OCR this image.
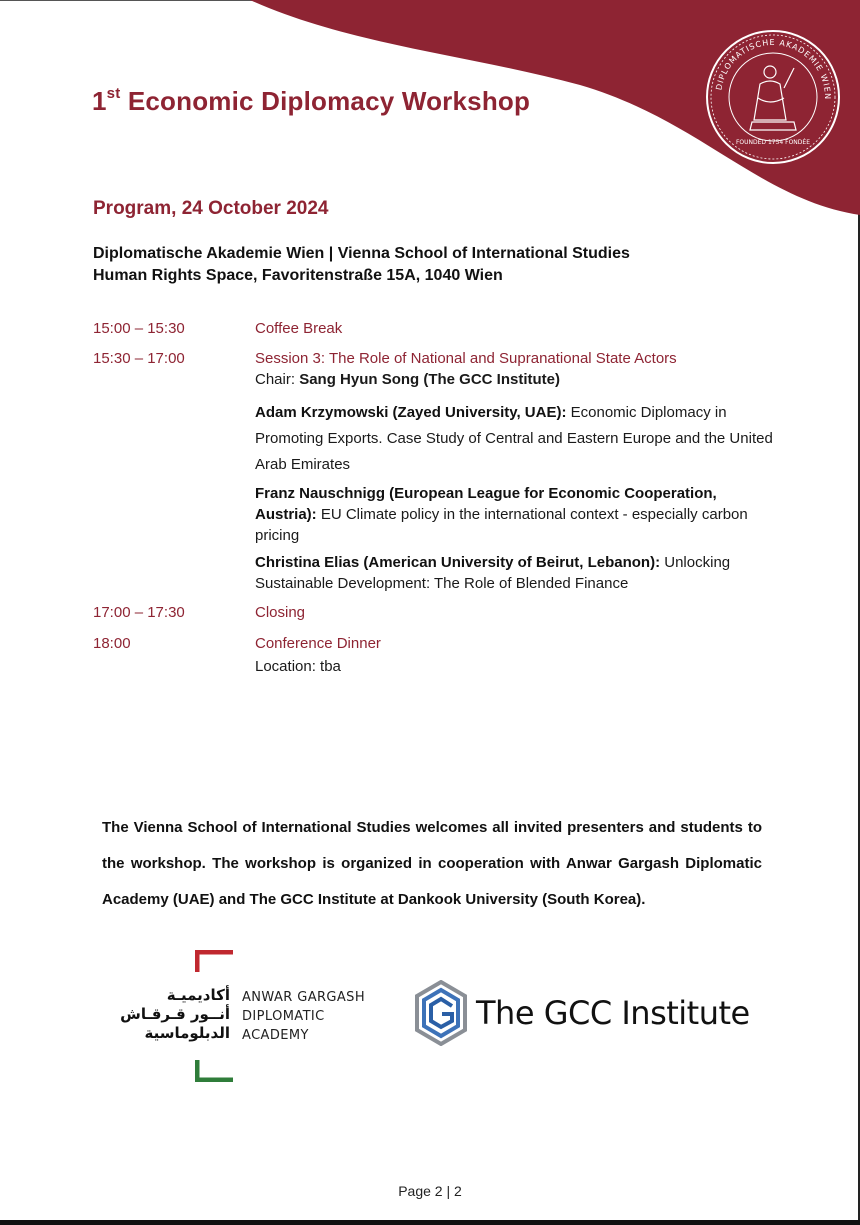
DIPLOMATISCHE AKADEMIE WIEN
FOUNDED 1754 FONDÉE
1st Economic Diplomacy Workshop
Program, 24 October 2024
Diplomatische Akademie Wien | Vienna School of International Studies
Human Rights Space, Favoritenstraße 15A, 1040 Wien
15:00 – 15:30	Coffee Break
15:30 – 17:00	Session 3: The Role of National and Supranational State Actors
Chair: Sang Hyun Song (The GCC Institute)
Adam Krzymowski (Zayed University, UAE): Economic Diplomacy in Promoting Exports. Case Study of Central and Eastern Europe and the United Arab Emirates
Franz Nauschnigg (European League for Economic Cooperation, Austria): EU Climate policy in the international context - especially carbon pricing
Christina Elias (American University of Beirut, Lebanon): Unlocking Sustainable Development: The Role of Blended Finance
17:00 – 17:30	Closing
18:00	Conference Dinner
Location: tba

The Vienna School of International Studies welcomes all invited presenters and students to the workshop. The workshop is organized in cooperation with Anwar Gargash Diplomatic Academy (UAE) and The GCC Institute at Dankook University (South Korea).

أكاديميـة
أنــور قـرقـاش
الدبلوماسية
ANWAR GARGASH
DIPLOMATIC
ACADEMY
The GCC Institute
Page 2 | 2
